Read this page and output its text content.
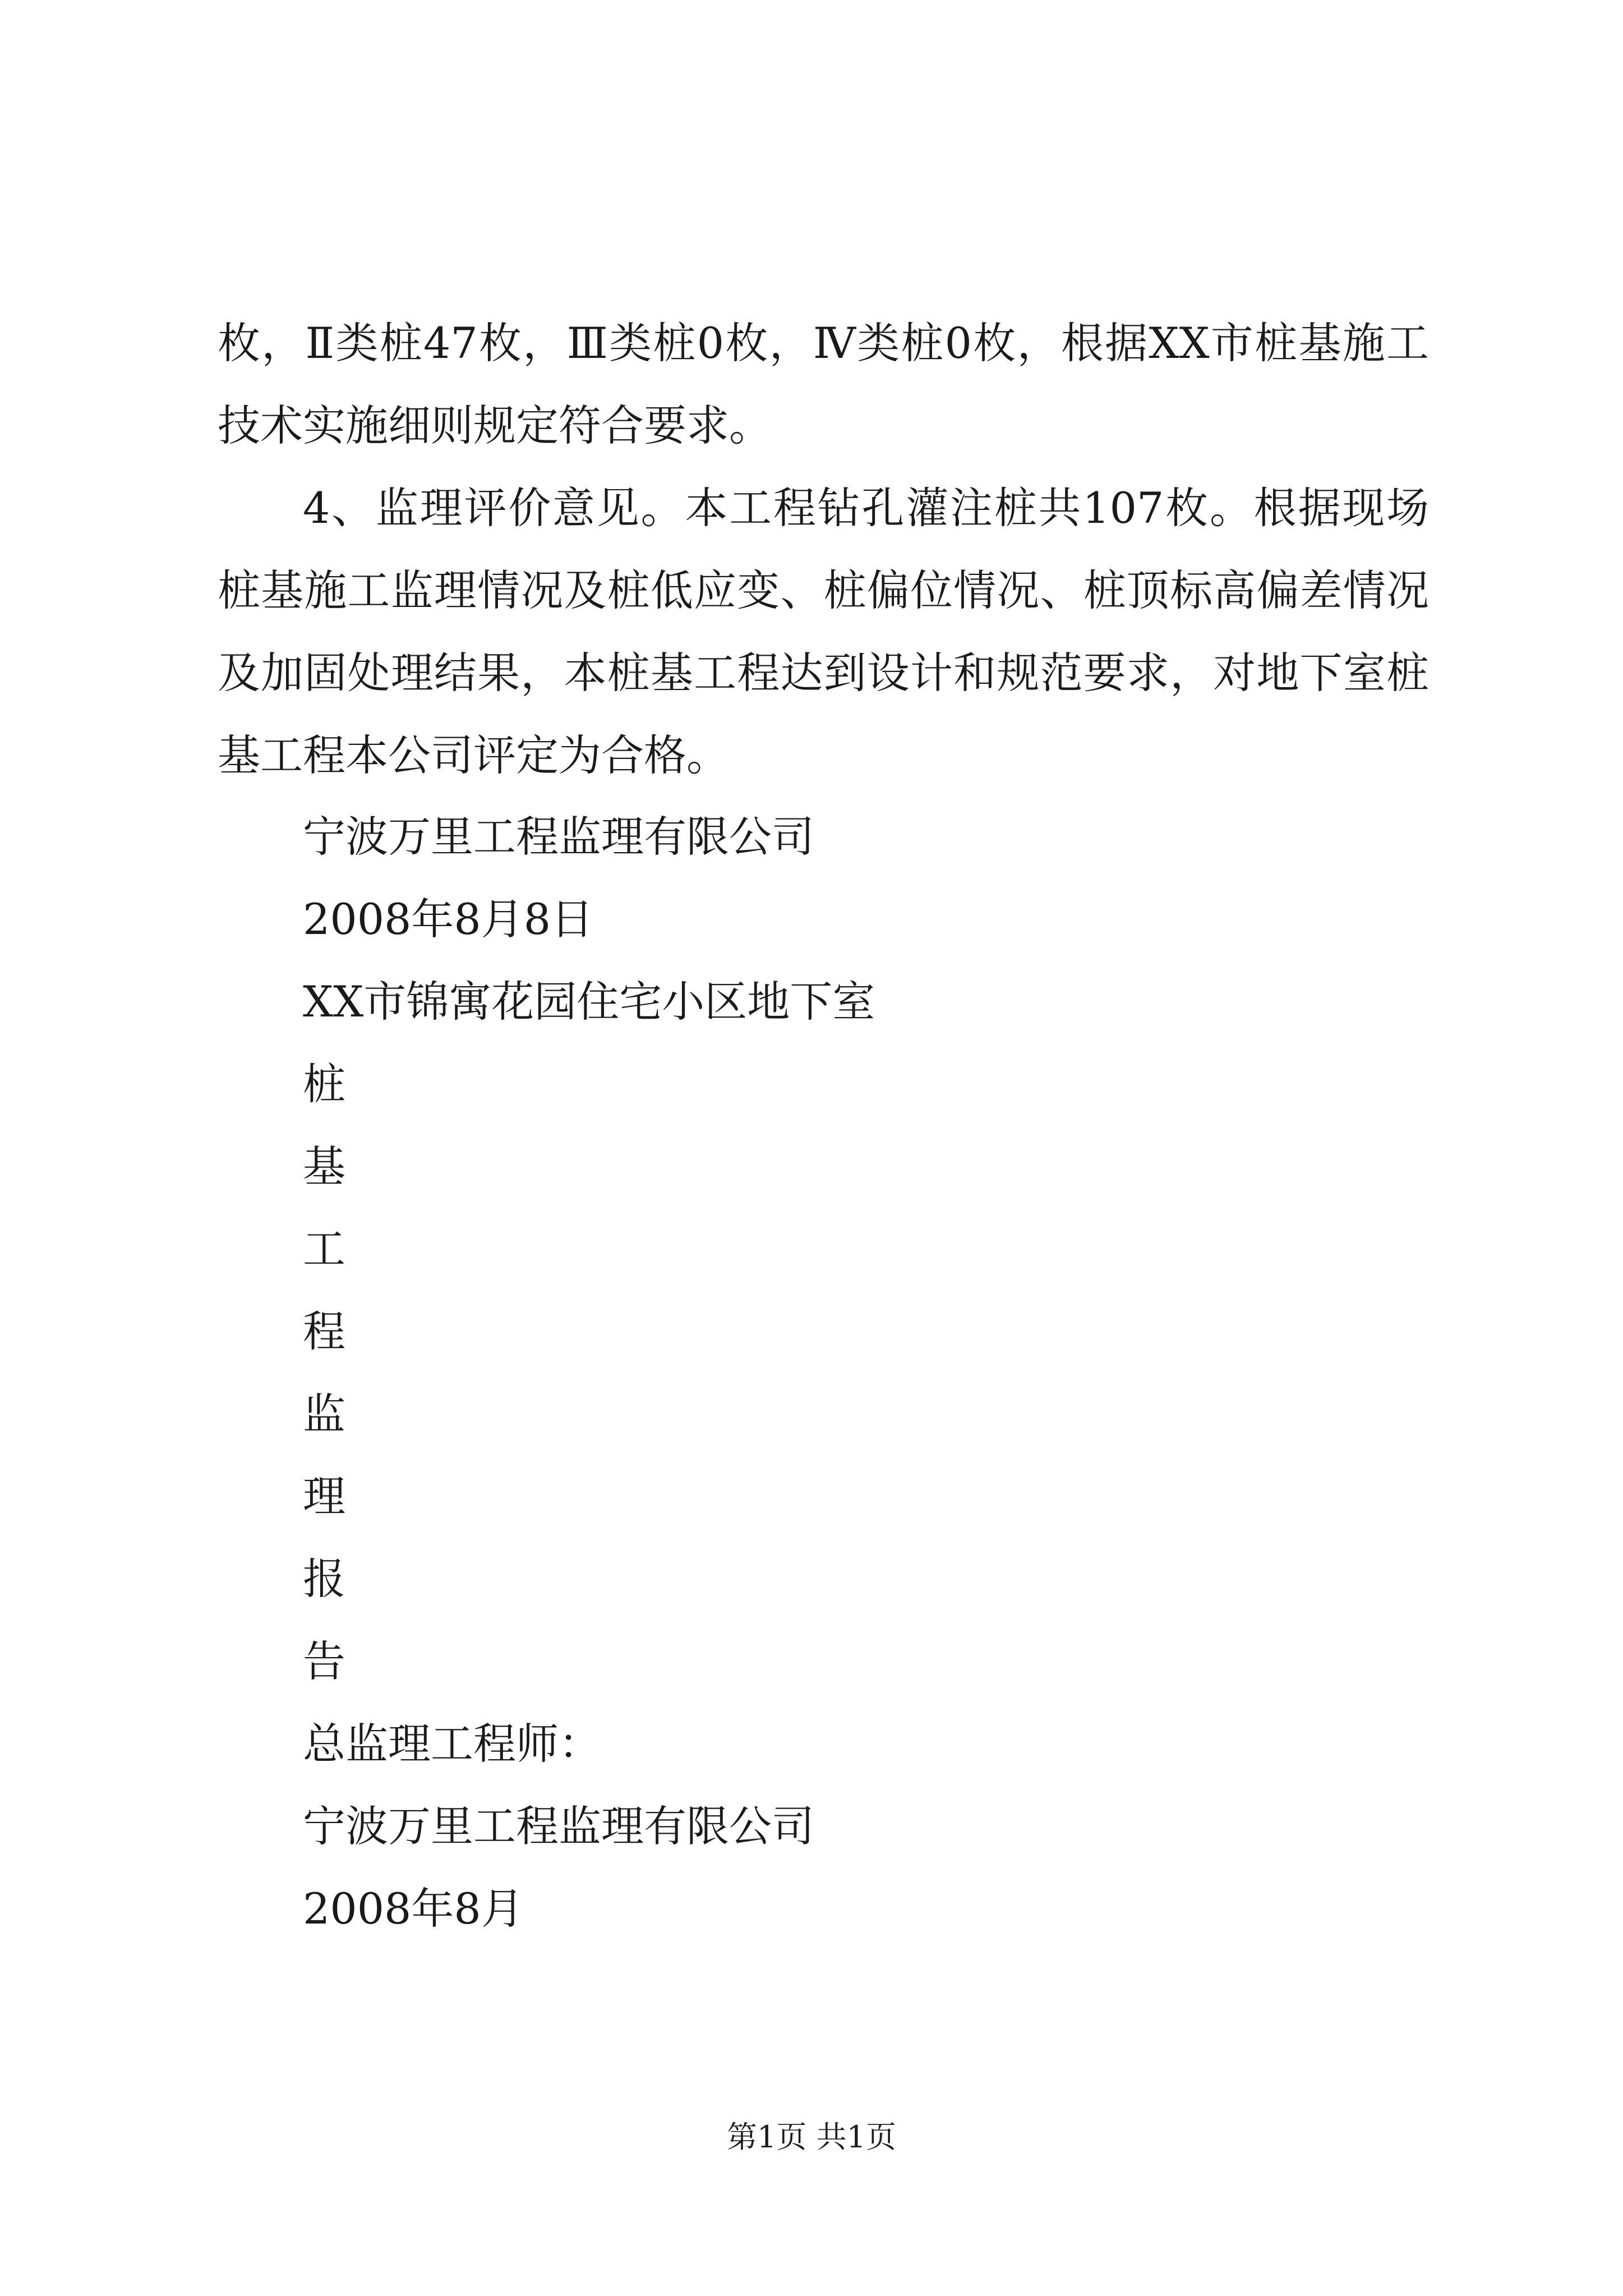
枚，Ⅱ类桩47枚，Ⅲ类桩0枚，Ⅳ类桩0枚，根据XX市桩基施工技术实施细则规定符合要求。

4、监理评价意见。本工程钻孔灌注桩共107枚。根据现场桩基施工监理情况及桩低应变、桩偏位情况、桩顶标高偏差情况及加固处理结果，本桩基工程达到设计和规范要求，对地下室桩基工程本公司评定为合格。

宁波万里工程监理有限公司
2008年8月8日
XX市锦寓花园住宅小区地下室
桩
基
工
程
监
理
报
告
总监理工程师：
宁波万里工程监理有限公司
2008年8月
第1页 共1页
